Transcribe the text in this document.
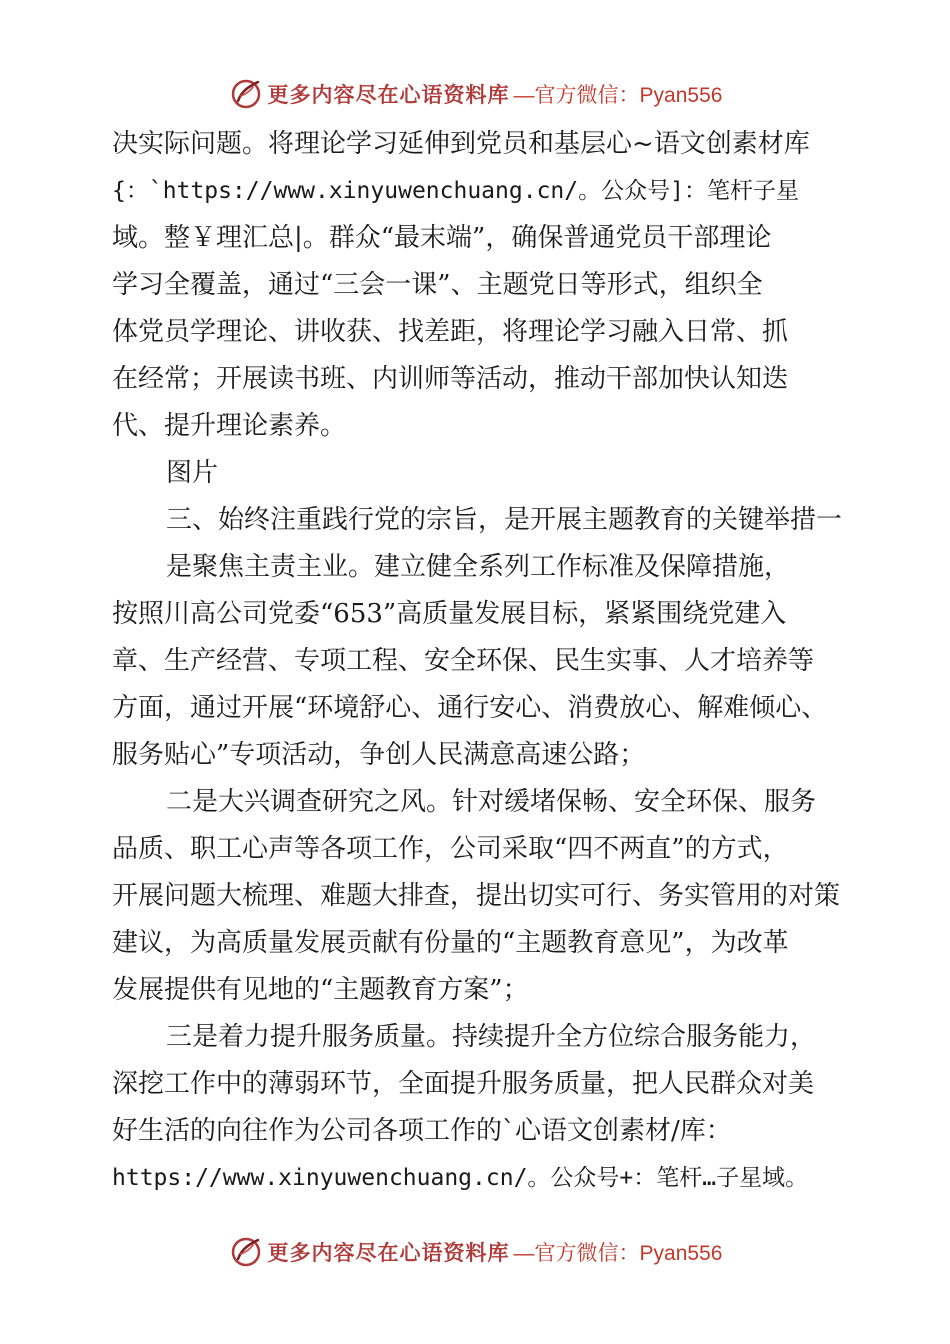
更多内容尽在心语资料库 —官方微信：Pyan556
决实际问题。将理论学习延伸到党员和基层心~语文创素材库
{：`https://www.xinyuwenchuang.cn/。公众号]：笔杆子星
域。整￥理汇总|。群众“最末端”，确保普通党员干部理论
学习全覆盖，通过“三会一课”、主题党日等形式，组织全
体党员学理论、讲收获、找差距，将理论学习融入日常、抓
在经常；开展读书班、内训师等活动，推动干部加快认知迭
代、提升理论素养。
图片
三、始终注重践行党的宗旨，是开展主题教育的关键举措一
是聚焦主责主业。建立健全系列工作标准及保障措施，
按照川高公司党委“653”高质量发展目标，紧紧围绕党建入
章、生产经营、专项工程、安全环保、民生实事、人才培养等
方面，通过开展“环境舒心、通行安心、消费放心、解难倾心、
服务贴心”专项活动，争创人民满意高速公路；
二是大兴调查研究之风。针对缓堵保畅、安全环保、服务
品质、职工心声等各项工作，公司采取“四不两直”的方式，
开展问题大梳理、难题大排查，提出切实可行、务实管用的对策
建议，为高质量发展贡献有份量的“主题教育意见”，为改革
发展提供有见地的“主题教育方案”；
三是着力提升服务质量。持续提升全方位综合服务能力，
深挖工作中的薄弱环节，全面提升服务质量，把人民群众对美
好生活的向往作为公司各项工作的`心语文创素材/库：
https://www.xinyuwenchuang.cn/。公众号+：笔杆…子星域。
更多内容尽在心语资料库 —官方微信：Pyan556
